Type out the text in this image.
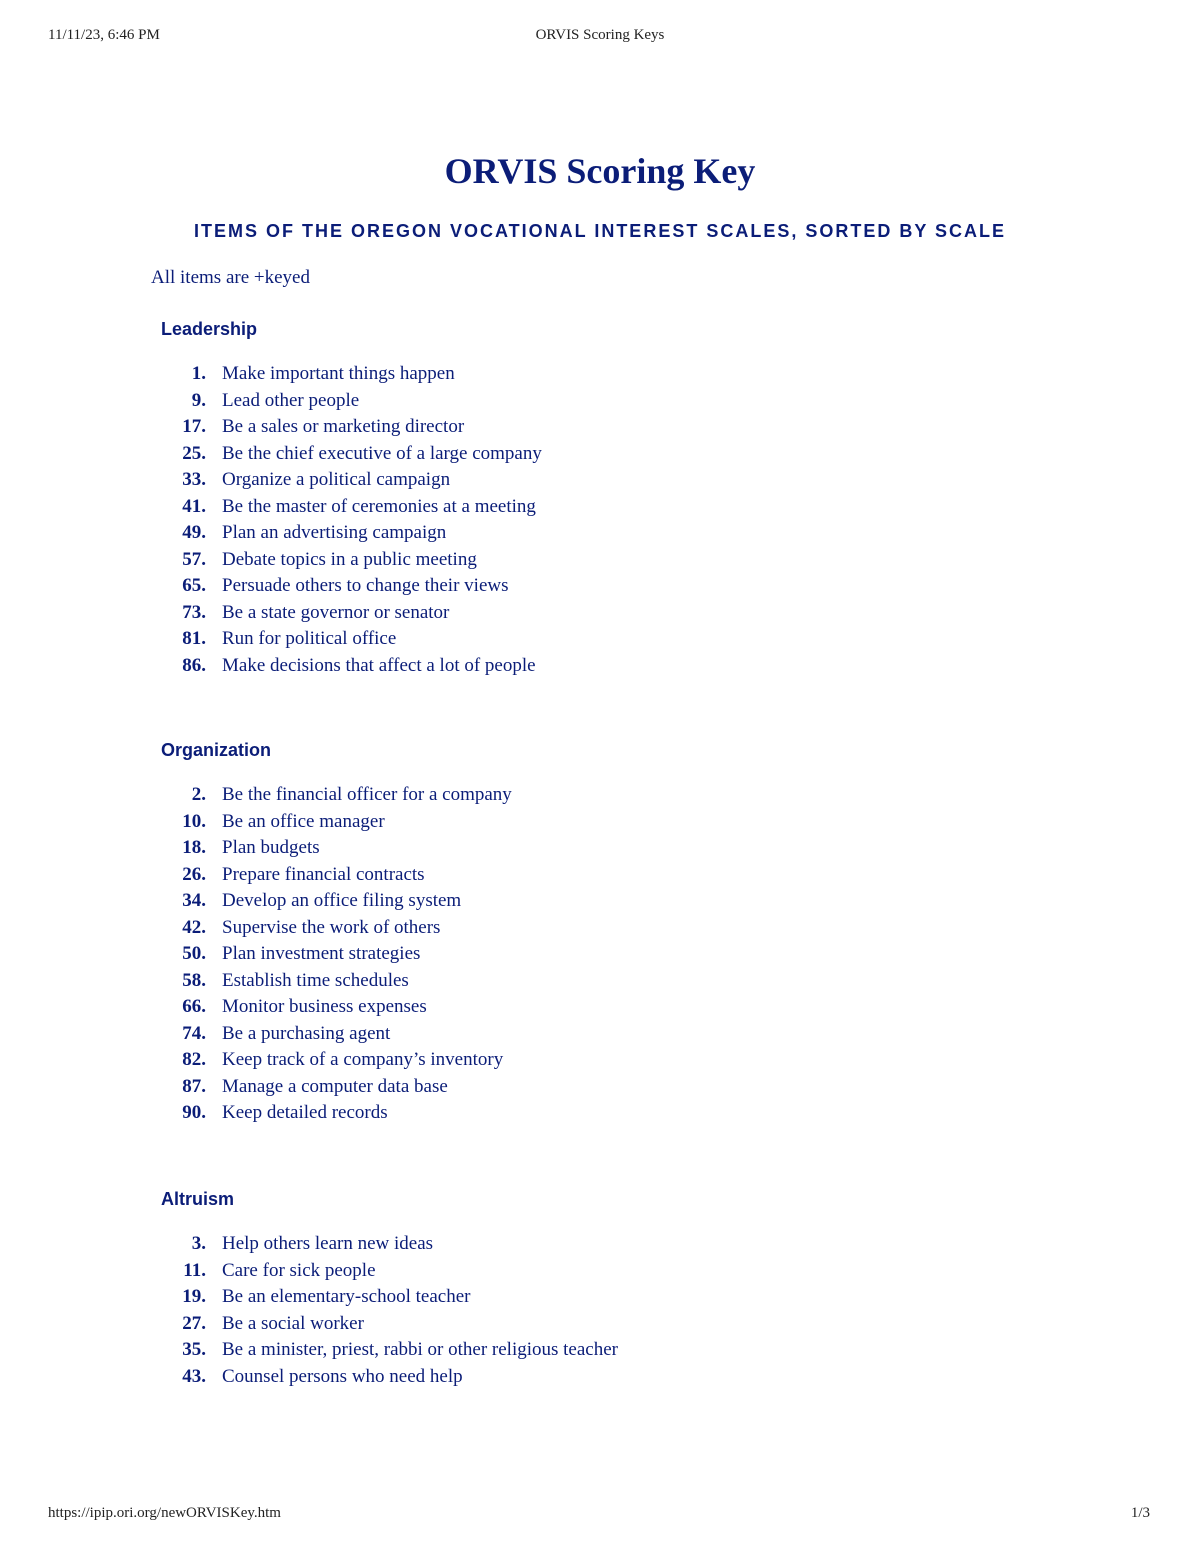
11/11/23, 6:46 PM	ORVIS Scoring Keys
ORVIS Scoring Key
ITEMS OF THE OREGON VOCATIONAL INTEREST SCALES, SORTED BY SCALE
All items are +keyed
Leadership
1. Make important things happen
9. Lead other people
17. Be a sales or marketing director
25. Be the chief executive of a large company
33. Organize a political campaign
41. Be the master of ceremonies at a meeting
49. Plan an advertising campaign
57. Debate topics in a public meeting
65. Persuade others to change their views
73. Be a state governor or senator
81. Run for political office
86. Make decisions that affect a lot of people
Organization
2. Be the financial officer for a company
10. Be an office manager
18. Plan budgets
26. Prepare financial contracts
34. Develop an office filing system
42. Supervise the work of others
50. Plan investment strategies
58. Establish time schedules
66. Monitor business expenses
74. Be a purchasing agent
82. Keep track of a company’s inventory
87. Manage a computer data base
90. Keep detailed records
Altruism
3. Help others learn new ideas
11. Care for sick people
19. Be an elementary-school teacher
27. Be a social worker
35. Be a minister, priest, rabbi or other religious teacher
43. Counsel persons who need help
https://ipip.ori.org/newORVISKey.htm	1/3
